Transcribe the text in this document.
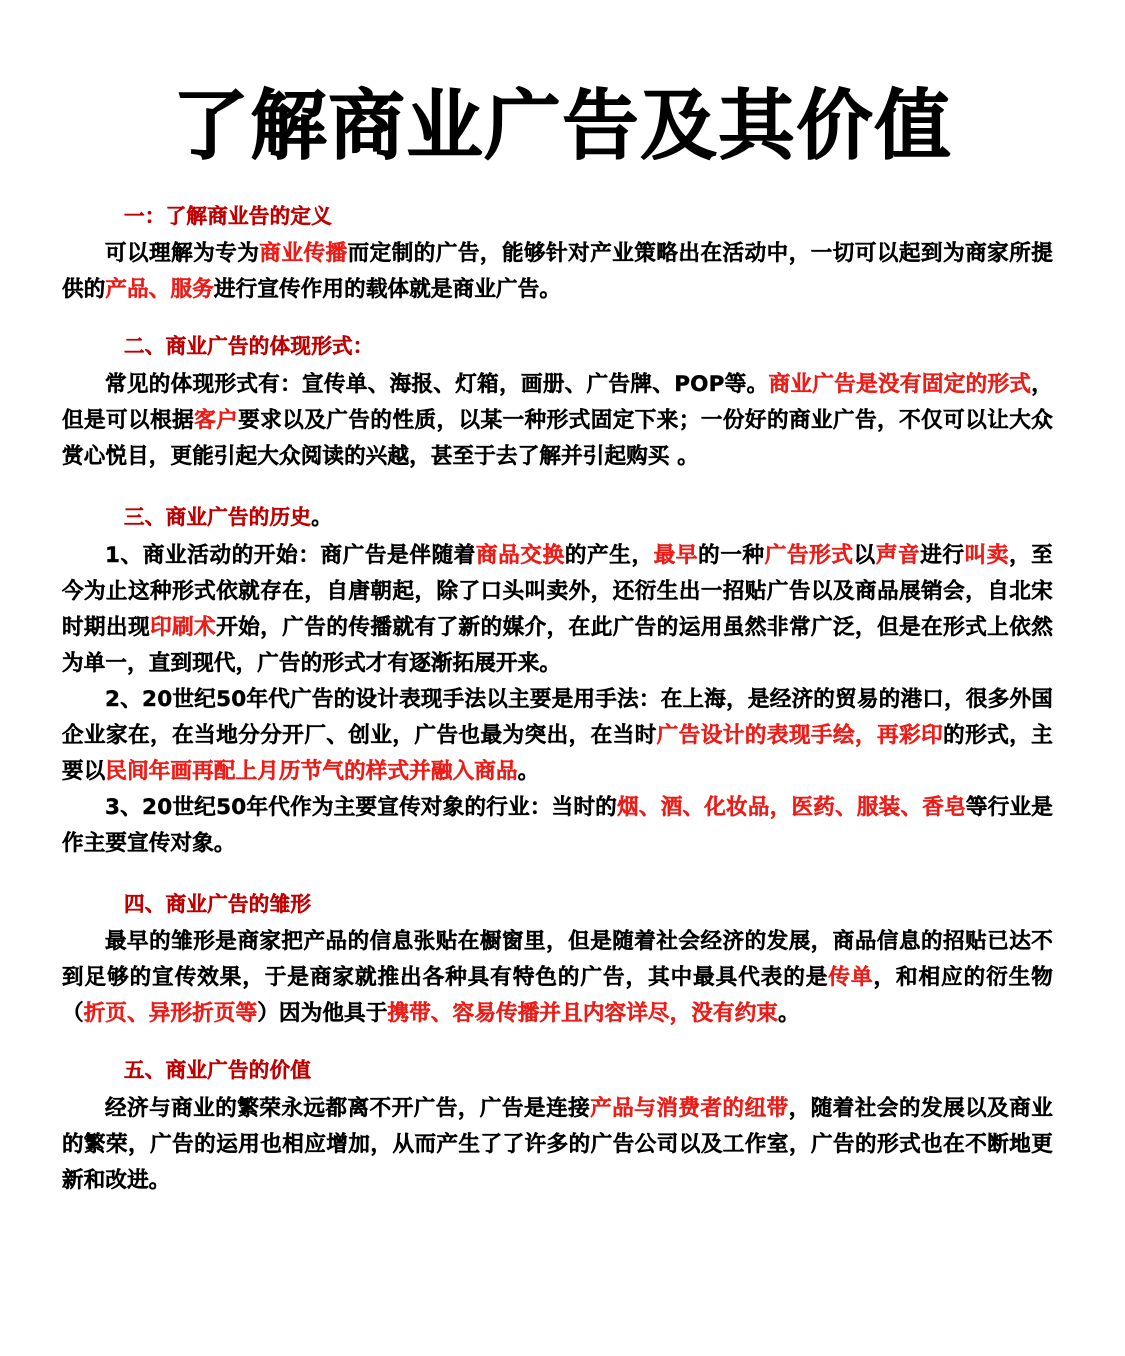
了解商业广告及其价值
一：了解商业告的定义

可以理解为专为商业传播而定制的广告，能够针对产业策略出在活动中，一切可以起到为商家所提供的产品、服务进行宣传作用的载体就是商业广告。

二、商业广告的体现形式：

常见的体现形式有：宣传单、海报、灯箱，画册、广告牌、POP等。商业广告是没有固定的形式，但是可以根据客户要求以及广告的性质，以某一种形式固定下来；一份好的商业广告，不仅可以让大众赏心悦目，更能引起大众阅读的兴越，甚至于去了解并引起购买 。

三、商业广告的历史。

1、商业活动的开始：商广告是伴随着商品交换的产生，最早的一种广告形式以声音进行叫卖，至今为止这种形式依就存在，自唐朝起，除了口头叫卖外，还衍生出一招贴广告以及商品展销会，自北宋时期出现印刷术开始，广告的传播就有了新的媒介，在此广告的运用虽然非常广泛，但是在形式上依然为单一，直到现代，广告的形式才有逐渐拓展开来。

2、20世纪50年代广告的设计表现手法以主要是用手法：在上海，是经济的贸易的港口，很多外国企业家在，在当地分分开厂、创业，广告也最为突出，在当时广告设计的表现手绘，再彩印的形式，主要以民间年画再配上月历节气的样式并融入商品。

3、20世纪50年代作为主要宣传对象的行业：当时的烟、酒、化妆品，医药、服装、香皂等行业是作主要宣传对象。

四、商业广告的雏形

最早的雏形是商家把产品的信息张贴在橱窗里，但是随着社会经济的发展，商品信息的招贴已达不到足够的宣传效果，于是商家就推出各种具有特色的广告，其中最具代表的是传单，和相应的衍生物（折页、异形折页等）因为他具于携带、容易传播并且内容详尽，没有约束。

五、商业广告的价值

经济与商业的繁荣永远都离不开广告，广告是连接产品与消费者的纽带，随着社会的发展以及商业的繁荣，广告的运用也相应增加，从而产生了了许多的广告公司以及工作室，广告的形式也在不断地更新和改进。
